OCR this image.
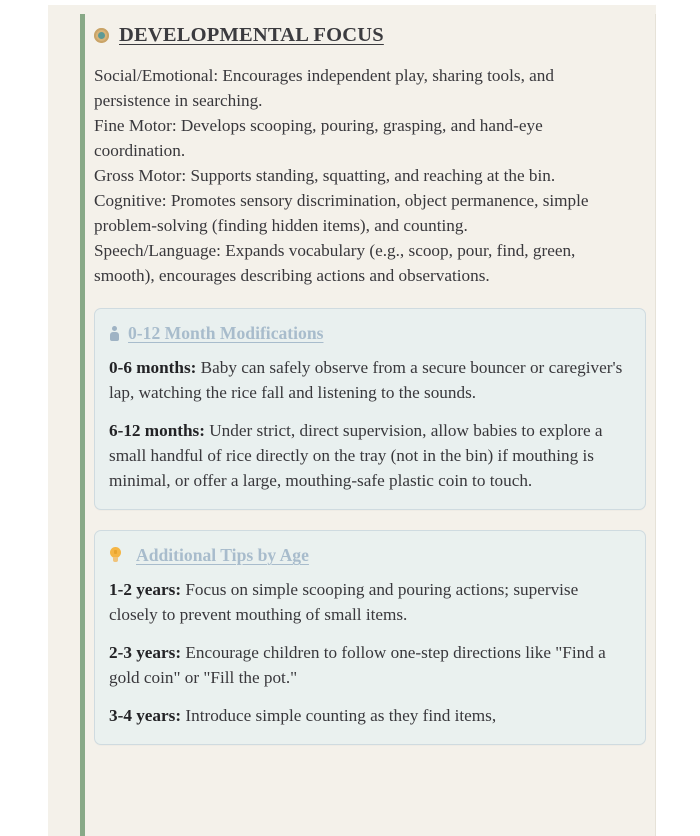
DEVELOPMENTAL FOCUS
Social/Emotional: Encourages independent play, sharing tools, and persistence in searching.
Fine Motor: Develops scooping, pouring, grasping, and hand-eye coordination.
Gross Motor: Supports standing, squatting, and reaching at the bin.
Cognitive: Promotes sensory discrimination, object permanence, simple problem-solving (finding hidden items), and counting.
Speech/Language: Expands vocabulary (e.g., scoop, pour, find, green, smooth), encourages describing actions and observations.
0-12 Month Modifications

0-6 months: Baby can safely observe from a secure bouncer or caregiver's lap, watching the rice fall and listening to the sounds.

6-12 months: Under strict, direct supervision, allow babies to explore a small handful of rice directly on the tray (not in the bin) if mouthing is minimal, or offer a large, mouthing-safe plastic coin to touch.

Additional Tips by Age

1-2 years: Focus on simple scooping and pouring actions; supervise closely to prevent mouthing of small items.

2-3 years: Encourage children to follow one-step directions like "Find a gold coin" or "Fill the pot."

3-4 years: Introduce simple counting as they find items,
